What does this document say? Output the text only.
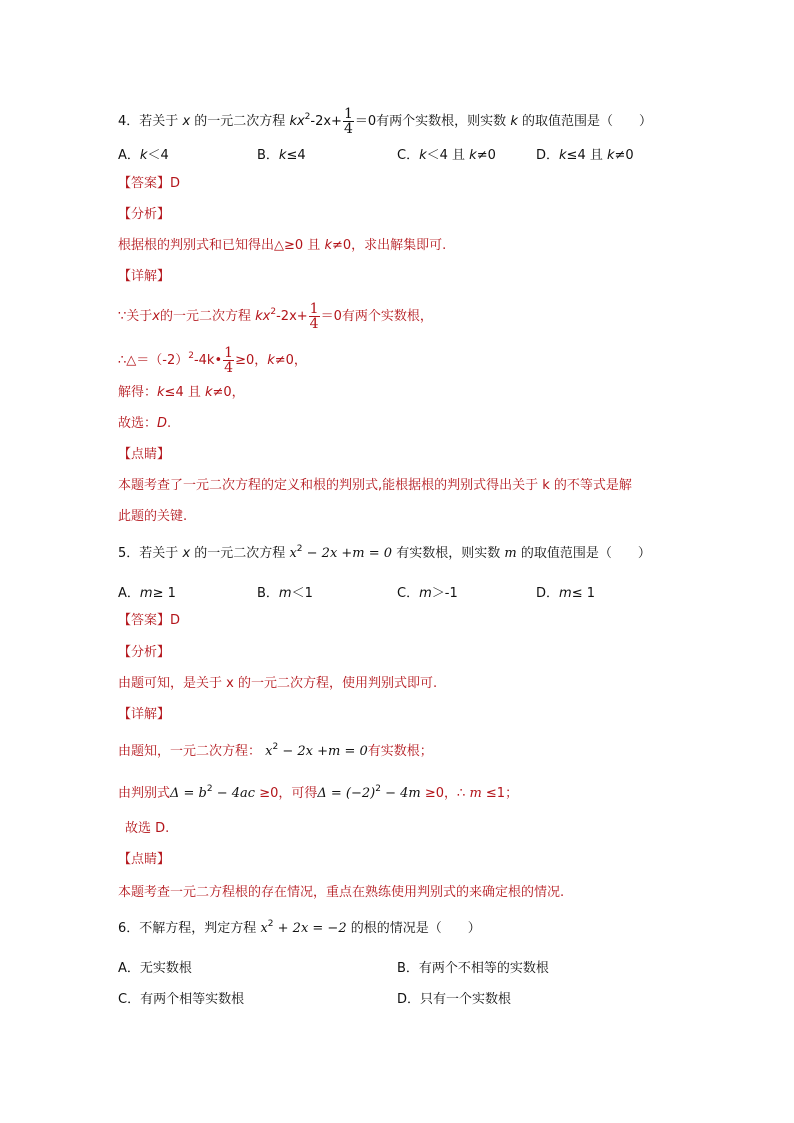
4．若关于 x 的一元二次方程 $kx^2-2x+ \frac{1}{4} =0$有两个实数根，则实数 k 的取值范围是（　　）
A．k＜4	B．k≤4	C．k＜4 且 k≠0	D．k≤4 且 k≠0
【答案】D
【分析】
根据根的判别式和已知得出△≥0 且 k≠0，求出解集即可.
【详解】
∵关于x的一元二次方程 $kx^2-2x+ \frac{1}{4} =0$有两个实数根，
$\therefore\triangle=(-2)^2-4k• \frac{1}{4} \ge 0$，k≠0，
解得：k≤4 且 k≠0，
故选：D.
【点睛】
本题考查了一元二次方程的定义和根的判别式,能根据根的判别式得出关于 k 的不等式是解
此题的关键.
5．若关于 x 的一元二次方程 $x^2 - 2x +m = 0$ 有实数根，则实数 m 的取值范围是（　　）
A．m≥ 1	B．m＜1	C．m＞-1	D．m≤ 1
【答案】D
【分析】
由题可知，是关于 x 的一元二次方程，使用判别式即可.
【详解】
由题知，一元二次方程： $x^2 - 2x +m = 0$有实数根；
由判别式$\Delta = b^2 - 4ac \ge 0$，可得$\Delta = (-2)^2 - 4m \ge 0$，∴ m ≤1；
故选 D.
【点睛】
本题考查一元二方程根的存在情况，重点在熟练使用判别式的来确定根的情况.
6．不解方程，判定方程 $x^2 + 2x = -2$ 的根的情况是（　　）
A．无实数根	B．有两个不相等的实数根
C．有两个相等实数根	D．只有一个实数根
